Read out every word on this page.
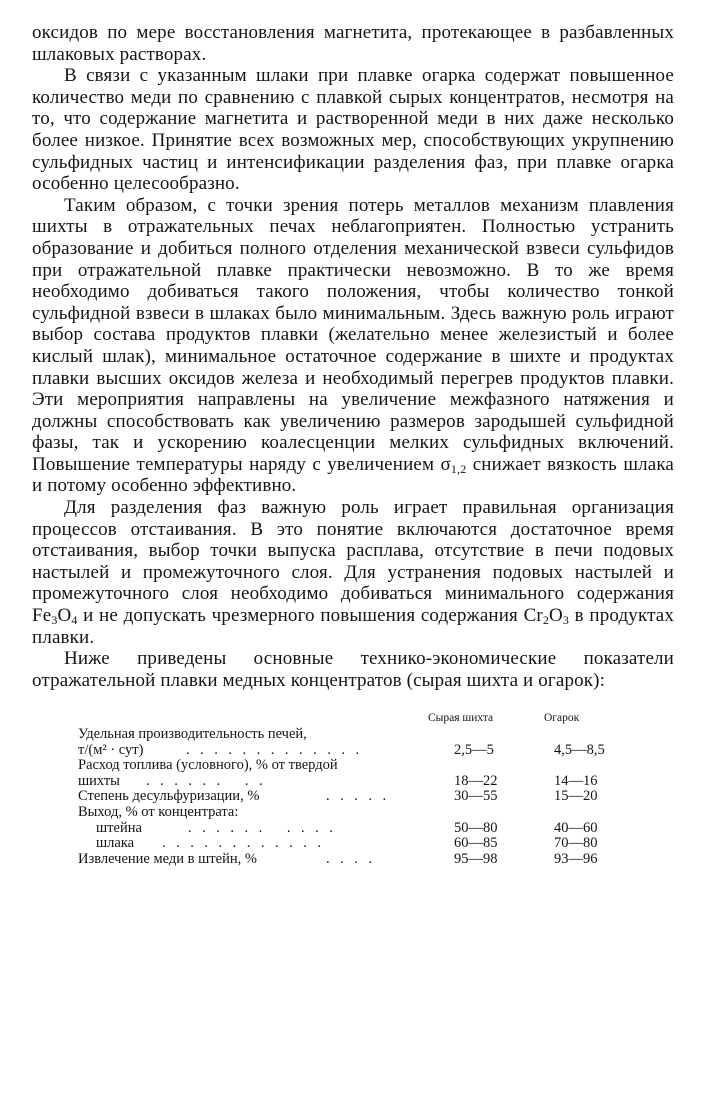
оксидов по мере восстановления магнетита, протекающее в разбавленных шлаковых растворах.

В связи с указанным шлаки при плавке огарка содержат повышенное количество меди по сравнению с плавкой сырых концентратов, несмотря на то, что содержание магнетита и растворенной меди в них даже несколько более низкое. Принятие всех возможных мер, способствующих укрупнению сульфидных частиц и интенсификации разделения фаз, при плавке огарка особенно целесообразно.

Таким образом, с точки зрения потерь металлов механизм плавления шихты в отражательных печах неблагоприятен. Полностью устранить образование и добиться полного отделения механической взвеси сульфидов при отражательной плавке практически невозможно. В то же время необходимо добиваться такого положения, чтобы количество тонкой сульфидной взвеси в шлаках было минимальным. Здесь важную роль играют выбор состава продуктов плавки (желательно менее железистый и более кислый шлак), минимальное остаточное содержание в шихте и продуктах плавки высших оксидов железа и необходимый перегрев продуктов плавки. Эти мероприятия направлены на увеличение межфазного натяжения и должны способствовать как увеличению размеров зародышей сульфидной фазы, так и ускорению коалесценции мелких сульфидных включений. Повышение температуры наряду с увеличением $\sigma_{1,2}$ снижает вязкость шлака и потому особенно эффективно.

Для разделения фаз важную роль играет правильная организация процессов отстаивания. В это понятие включаются достаточное время отстаивания, выбор точки выпуска расплава, отсутствие в печи подовых настылей и промежуточного слоя. Для устранения подовых настылей и промежуточного слоя необходимо добиваться минимального содержания $Fe_3O_4$ и не допускать чрезмерного повышения содержания $Cr_2O_3$ в продуктах плавки.

Ниже приведены основные технико-экономические показатели отражательной плавки медных концентратов (сырая шихта и огарок):

Сырая шихта	Огарок
Удельная производительность печей,
т/(м² · сут)	.............	2,5—5	4,5—8,5
Расход топлива (условного), % от твердой
шихты ...... ..	18—22	14—16
Степень десульфуризации, %	.....	30—55	15—20
Выход, % от концентрата:
штейна	...... ....	50—80	40—60
шлака ............	60—85	70—80
Извлечение меди в штейн, %	....	95—98	93—96
